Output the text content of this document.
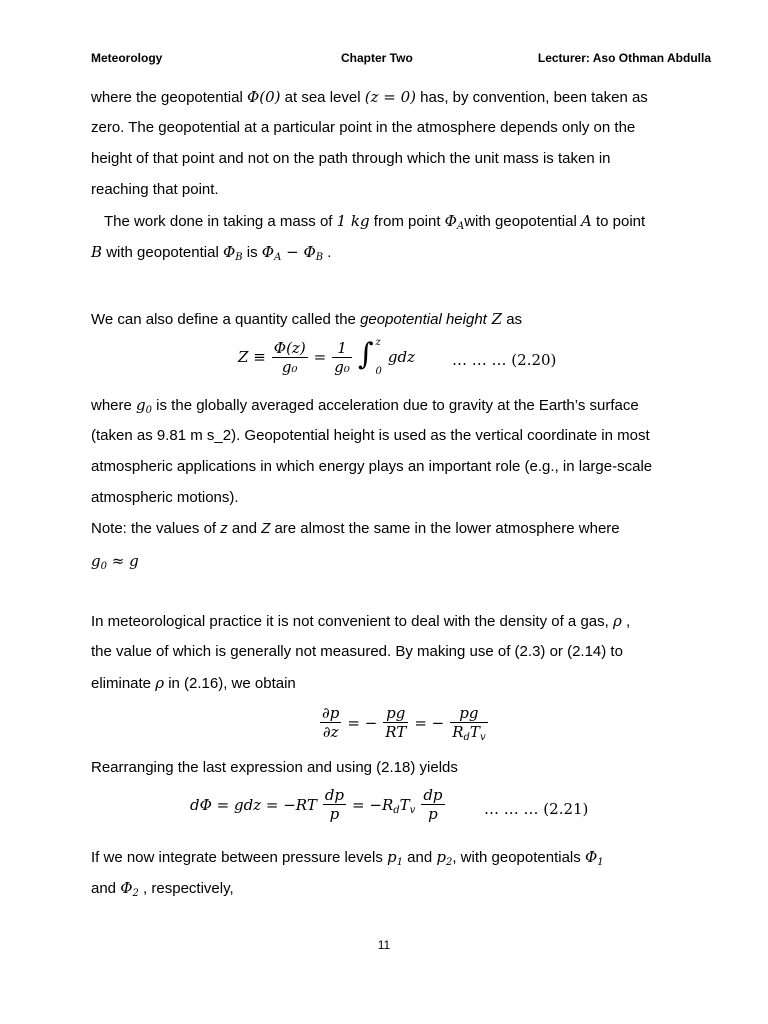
Meteorology	Chapter Two	Lecturer: Aso Othman Abdulla
where the geopotential Φ(0) at sea level (z = 0) has, by convention, been taken as
zero. The geopotential at a particular point in the atmosphere depends only on the
height of that point and not on the path through which the unit mass is taken in
reaching that point.
The work done in taking a mass of 1 kg from point $\Phi_Awith$ geopotential A to point
B with geopotential $\Phi_B$ is $\Phi_A - \Phi_B$ .
We can also define a quantity called the geopotential height Z as
$Z \equiv \frac{\Phi(z)}{\text{g₀}} = \frac{1}{\text{g₀}}$ ∫ z
0
gdz … … … (2.20)
where $g_0$ is the globally averaged acceleration due to gravity at the Earth’s surface
(taken as 9.81 m s_2). Geopotential height is used as the vertical coordinate in most
atmospheric applications in which energy plays an important role (e.g., in large-scale
atmospheric motions).
Note: the values of z and Z are almost the same in the lower atmosphere where
$g_0 \approx g$
In meteorological practice it is not convenient to deal with the density of a gas, ρ ,
the value of which is generally not measured. By making use of (2.3) or (2.14) to
eliminate ρ in (2.16), we obtain
$\frac{\partial p}{\partial z}$ = − $\frac{pg}{RT}$ = − $\frac{pg}{R_dT_v}$
Rearranging the last expression and using (2.18) yields
dΦ = gdz = $-RT \frac{dp}{p} = -R_dT_v \frac{dp}{p}$	… … … (2.21)
If we now integrate between pressure levels $p_1$ and $p_2$, with geopotentials $\Phi_1$
and $\Phi_2$ , respectively,
11
